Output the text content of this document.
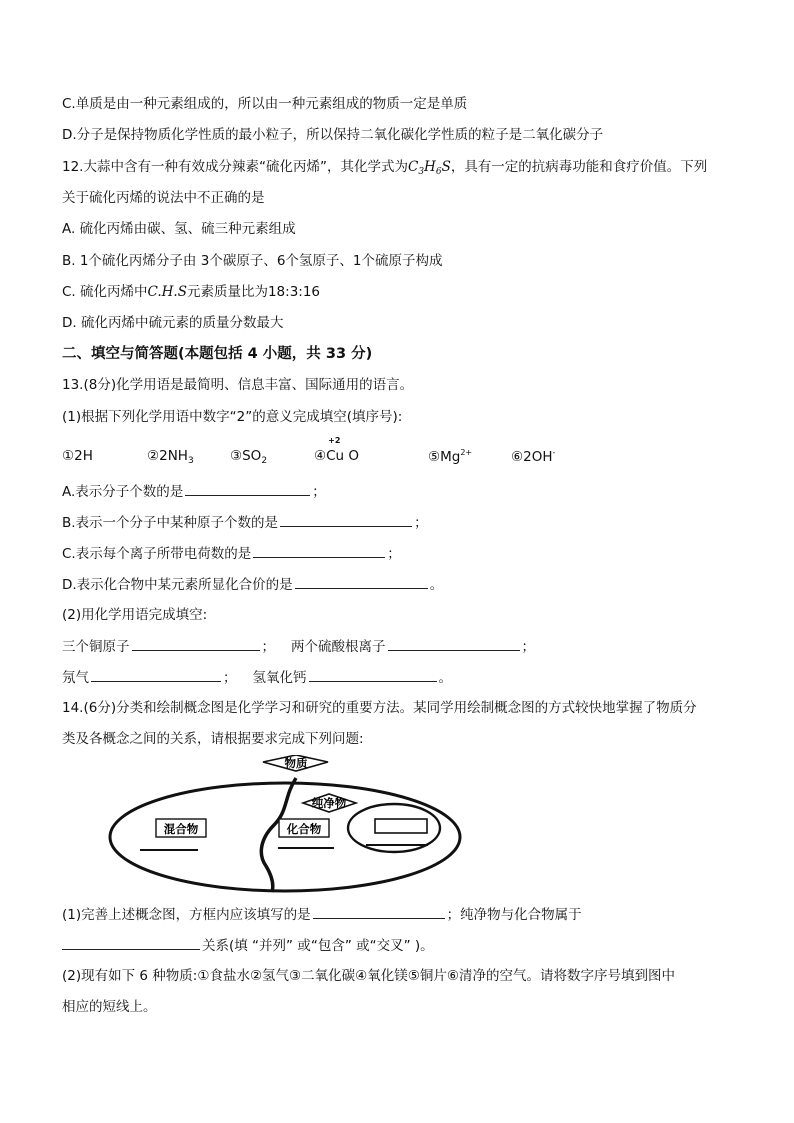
C.单质是由一种元素组成的，所以由一种元素组成的物质一定是单质
D.分子是保持物质化学性质的最小粒子，所以保持二氧化碳化学性质的粒子是二氧化碳分子
12.大蒜中含有一种有效成分辣素“硫化丙烯”，其化学式为$C_3H_6S$，具有一定的抗病毒功能和食疗价值。下列
关于硫化丙烯的说法中不正确的是
A. 硫化丙烯由碳、氢、硫三种元素组成
B. 1个硫化丙烯分子由 3个碳原子、6个氢原子、1个硫原子构成
C. 硫化丙烯中C.H.S元素质量比为18:3:16
D. 硫化丙烯中硫元素的质量分数最大
二、填空与简答题(本题包括 4 小题，共 33 分)
13.(8分)化学用语是最简明、信息丰富、国际通用的语言。
(1)根据下列化学用语中数字“2”的意义完成填空(填序号):
①2H	$②2NH_3$	$③SO_2$	④
+2
Cu O	$⑤Mg^{2+}$	⑥2OH-
A.表示分子个数的是	；
B.表示一个分子中某种原子个数的是	；
C.表示每个离子所带电荷数的是	；
D.表示化合物中某元素所显化合价的是	。
(2)用化学用语完成填空:
三个铜原子	； 两个硫酸根离子	；
氖气	； 氢氧化钙	。
14.(6分)分类和绘制概念图是化学学习和研究的重要方法。某同学用绘制概念图的方式较快地掌握了物质分
类及各概念之间的关系，请根据要求完成下列问题:
物质
纯净物
混合物	化合物
(1)完善上述概念图，方框内应该填写的是	；纯净物与化合物属于
关系(填 “并列” 或“包含” 或“交叉” )。
(2)现有如下 6 种物质:①食盐水②氢气③二氧化碳④氧化镁⑤铜片⑥清净的空气。请将数字序号填到图中
相应的短线上。
